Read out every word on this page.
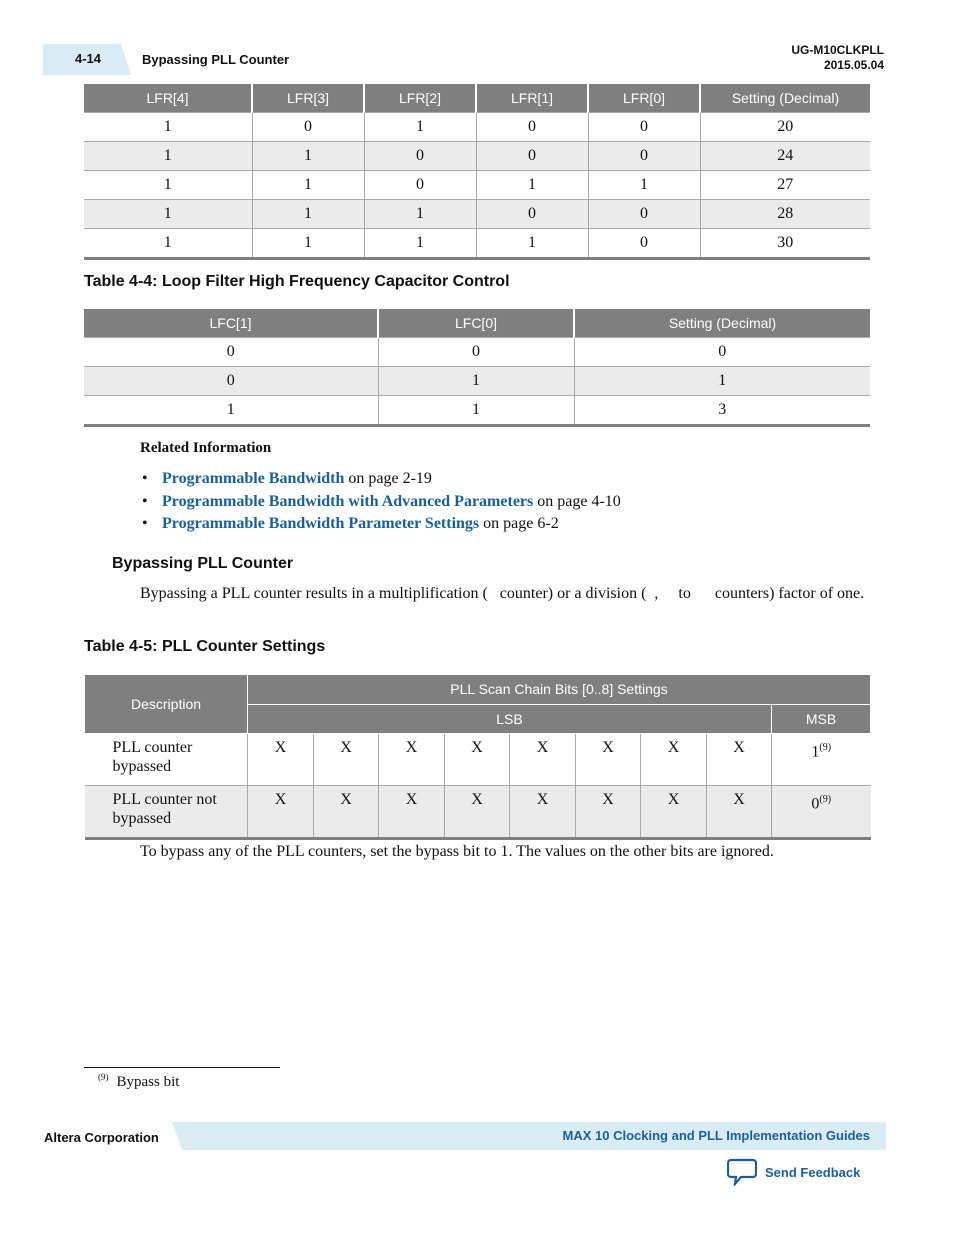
4-14	Bypassing PLL Counter
UG-M10CLKPLL
2015.05.04
LFR[4]	LFR[3]	LFR[2]	LFR[1]	LFR[0]	Setting (Decimal)
1	0	1	0	0	20
1	1	0	0	0	24
1	1	0	1	1	27
1	1	1	0	0	28
1	1	1	1	0	30
Table 4-4: Loop Filter High Frequency Capacitor Control
LFC[1]	LFC[0]	Setting (Decimal)
0	0	0
0	1	1
1	1	3
Related Information
• Programmable Bandwidth on page 2-19
• Programmable Bandwidth with Advanced Parameters on page 4-10
• Programmable Bandwidth Parameter Settings on page 6-2
Bypassing PLL Counter
Bypassing a PLL counter results in a multiplification (   counter) or a division (  ,     to      counters) factor of one.
Table 4-5: PLL Counter Settings
Description	PLL Scan Chain Bits [0..8] Settings								
	LSB								MSB
PLL counter bypassed	X	X	X	X	X	X	X	X	1$^{(9)}$
PLL counter not bypassed	X	X	X	X	X	X	X	X	0$^{(9)}$
To bypass any of the PLL counters, set the bypass bit to 1. The values on the other bits are ignored.
$^{(9)}$ Bypass bit
Altera Corporation	MAX 10 Clocking and PLL Implementation Guides
Send Feedback
